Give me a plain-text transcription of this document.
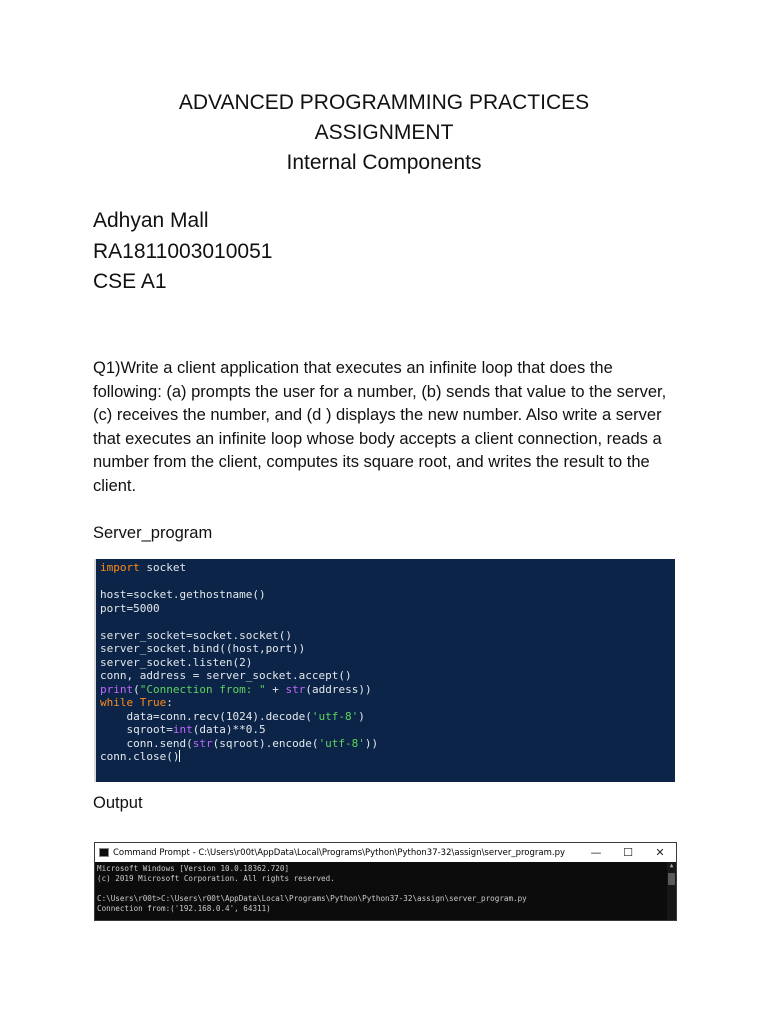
ADVANCED PROGRAMMING PRACTICES

ASSIGNMENT

Internal Components

Adhyan Mall

RA1811003010051

CSE A1

Q1)Write a client application that executes an infinite loop that does the following: (a) prompts the user for a number, (b) sends that value to the server, (c) receives the number, and (d ) displays the new number. Also write a server that executes an infinite loop whose body accepts a client connection, reads a number from the client, computes its square root, and writes the result to the client.

Server_program

import socket
host=socket.gethostname()
port=5000
server_socket=socket.socket()
server_socket.bind((host,port))
server_socket.listen(2)
conn, address = server_socket.accept()
print("Connection from: " + str(address))
while True:
data=conn.recv(1024).decode('utf-8')
sqroot=int(data)**0.5
conn.send(str(sqroot).encode('utf-8'))
conn.close()

Output

Command Prompt - C:\Users\r00t\AppData\Local\Programs\Python\Python37-32\assign\server_program.py	—	☐	✕
Microsoft Windows [Version 10.0.18362.720]
(c) 2019 Microsoft Corporation. All rights reserved.
C:\Users\r00t>C:\Users\r00t\AppData\Local\Programs\Python\Python37-32\assign\server_program.py
Connection from:('192.168.0.4', 64311)
▲
